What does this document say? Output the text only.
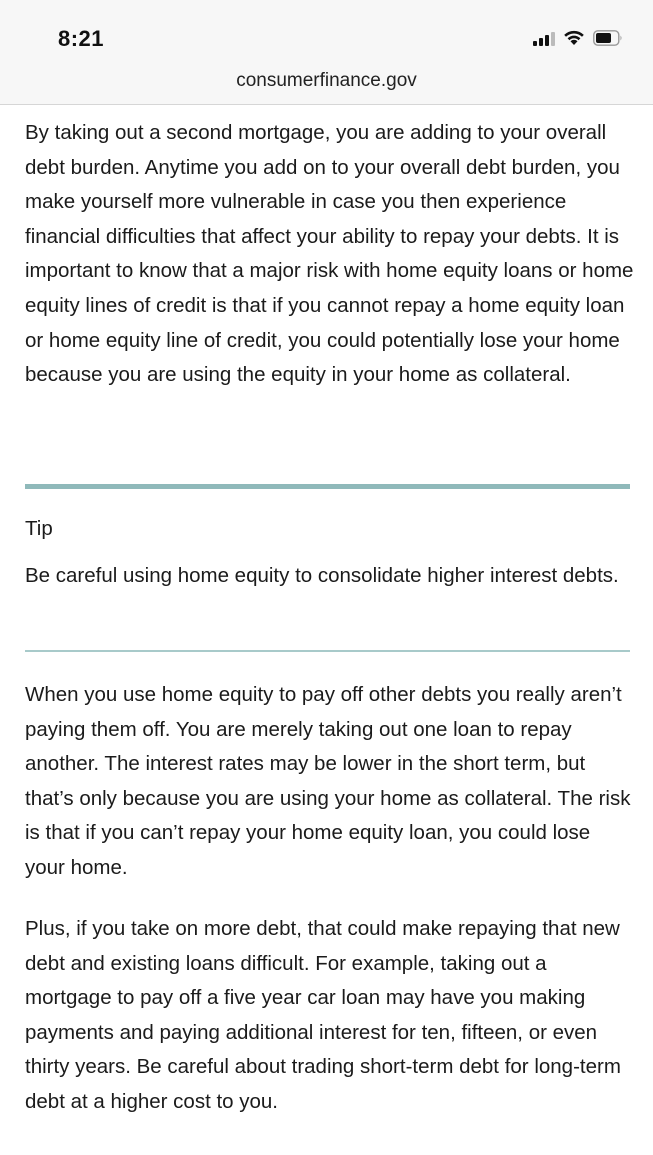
8:21
consumerfinance.gov

By taking out a second mortgage, you are adding to your overall debt burden. Anytime you add on to your overall debt burden, you make yourself more vulnerable in case you then experience financial difficulties that affect your ability to repay your debts. It is important to know that a major risk with home equity loans or home equity lines of credit is that if you cannot repay a home equity loan or home equity line of credit, you could potentially lose your home because you are using the equity in your home as collateral.

Tip

Be careful using home equity to consolidate higher interest debts.

When you use home equity to pay off other debts you really aren’t paying them off. You are merely taking out one loan to repay another. The interest rates may be lower in the short term, but that’s only because you are using your home as collateral. The risk is that if you can’t repay your home equity loan, you could lose your home.

Plus, if you take on more debt, that could make repaying that new debt and existing loans difficult. For example, taking out a mortgage to pay off a five year car loan may have you making payments and paying additional interest for ten, fifteen, or even thirty years. Be careful about trading short-term debt for long-term debt at a higher cost to you.
